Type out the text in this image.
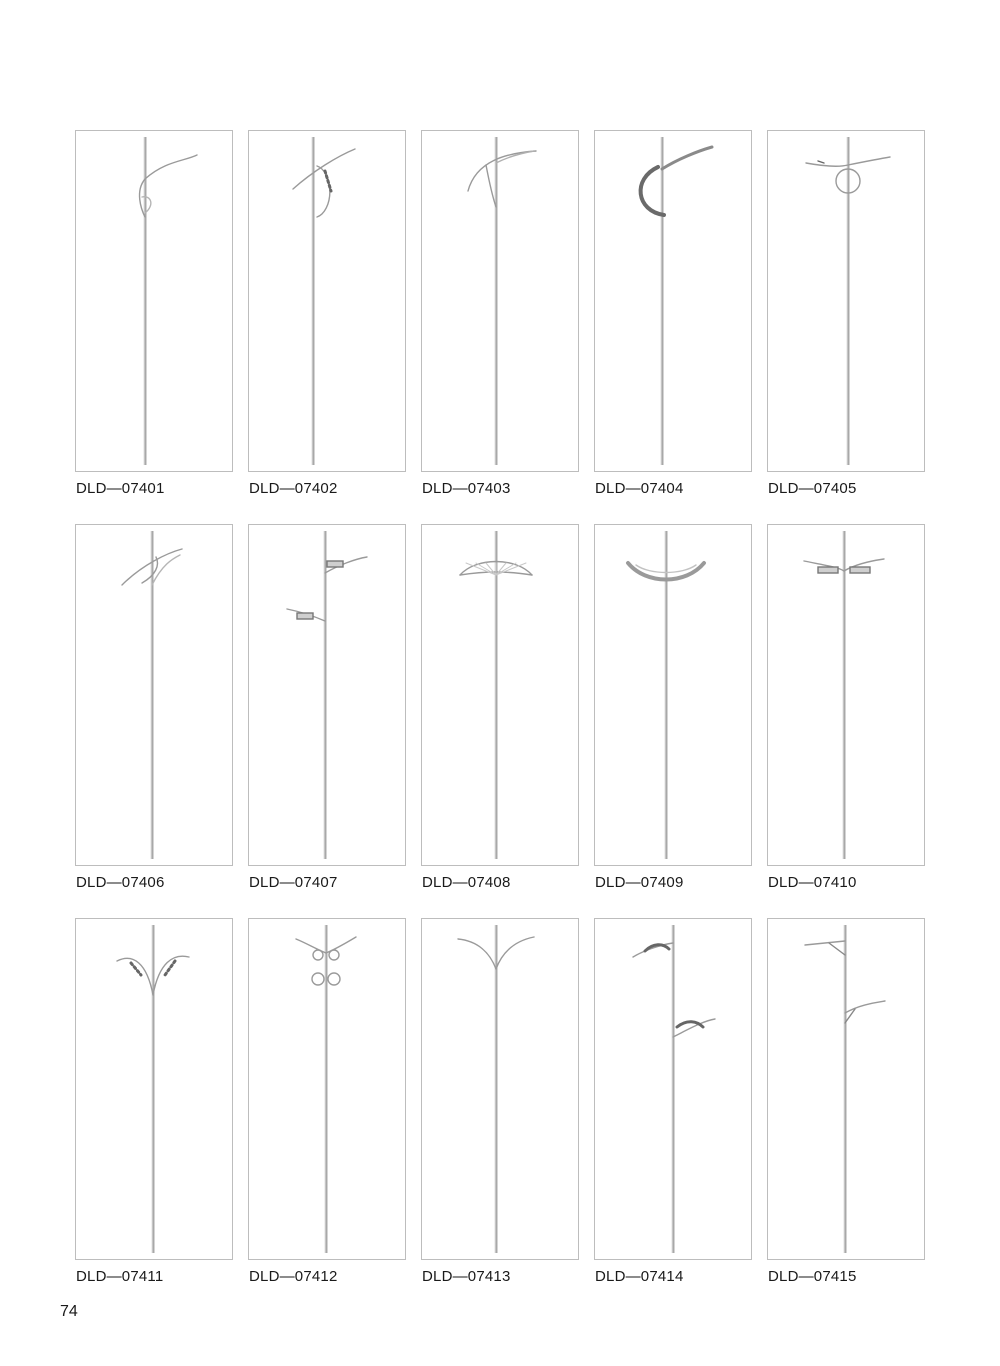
DLD—07401	DLD—07402	DLD—07403	DLD—07404	DLD—07405
DLD—07406	DLD—07407	DLD—07408	DLD—07409	DLD—07410
DLD—07411	DLD—07412	DLD—07413	DLD—07414	DLD—07415
74
